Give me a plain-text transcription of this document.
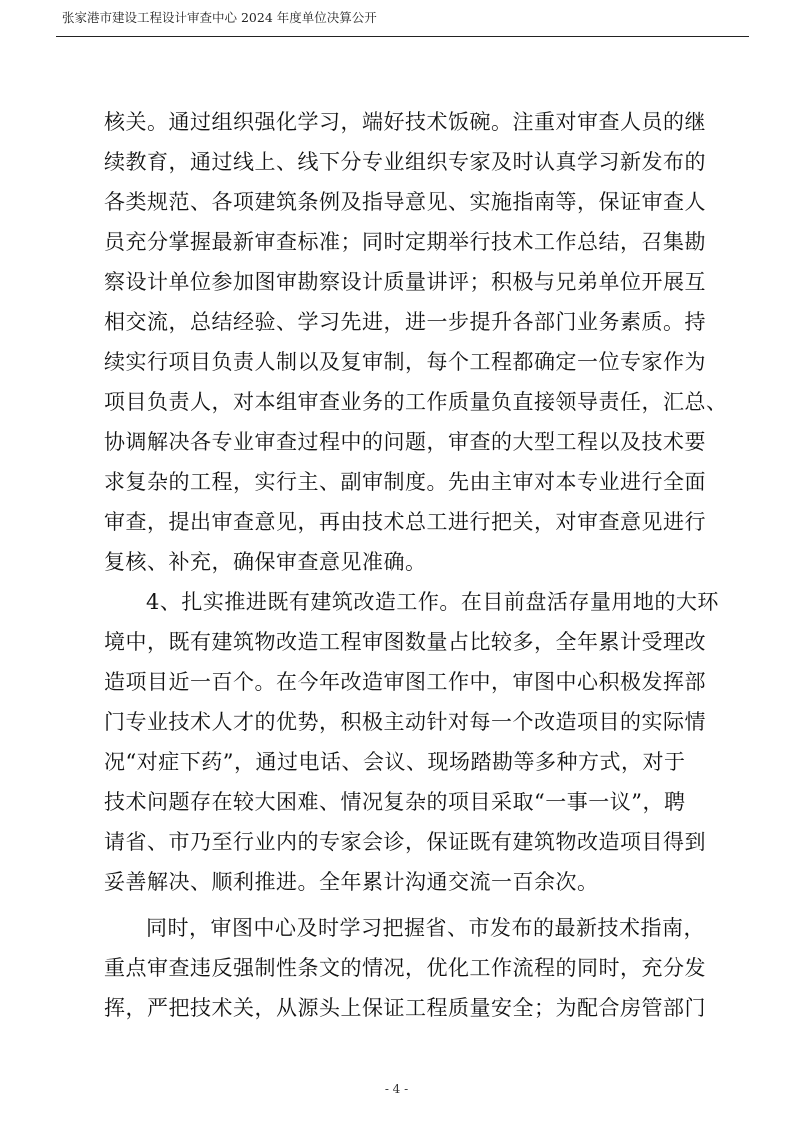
张家港市建设工程设计审查中心 2024 年度单位决算公开
核关。通过组织强化学习，端好技术饭碗。注重对审查人员的继
续教育，通过线上、线下分专业组织专家及时认真学习新发布的
各类规范、各项建筑条例及指导意见、实施指南等，保证审查人
员充分掌握最新审查标准；同时定期举行技术工作总结，召集勘
察设计单位参加图审勘察设计质量讲评；积极与兄弟单位开展互
相交流，总结经验、学习先进，进一步提升各部门业务素质。持
续实行项目负责人制以及复审制，每个工程都确定一位专家作为
项目负责人，对本组审查业务的工作质量负直接领导责任，汇总、
协调解决各专业审查过程中的问题，审查的大型工程以及技术要
求复杂的工程，实行主、副审制度。先由主审对本专业进行全面
审查，提出审查意见，再由技术总工进行把关，对审查意见进行
复核、补充，确保审查意见准确。
4、扎实推进既有建筑改造工作。在目前盘活存量用地的大环
境中，既有建筑物改造工程审图数量占比较多，全年累计受理改
造项目近一百个。在今年改造审图工作中，审图中心积极发挥部
门专业技术人才的优势，积极主动针对每一个改造项目的实际情
况“对症下药”，通过电话、会议、现场踏勘等多种方式，对于
技术问题存在较大困难、情况复杂的项目采取“一事一议”，聘
请省、市乃至行业内的专家会诊，保证既有建筑物改造项目得到
妥善解决、顺利推进。全年累计沟通交流一百余次。
同时，审图中心及时学习把握省、市发布的最新技术指南，
重点审查违反强制性条文的情况，优化工作流程的同时，充分发
挥，严把技术关，从源头上保证工程质量安全；为配合房管部门
- 4 -
